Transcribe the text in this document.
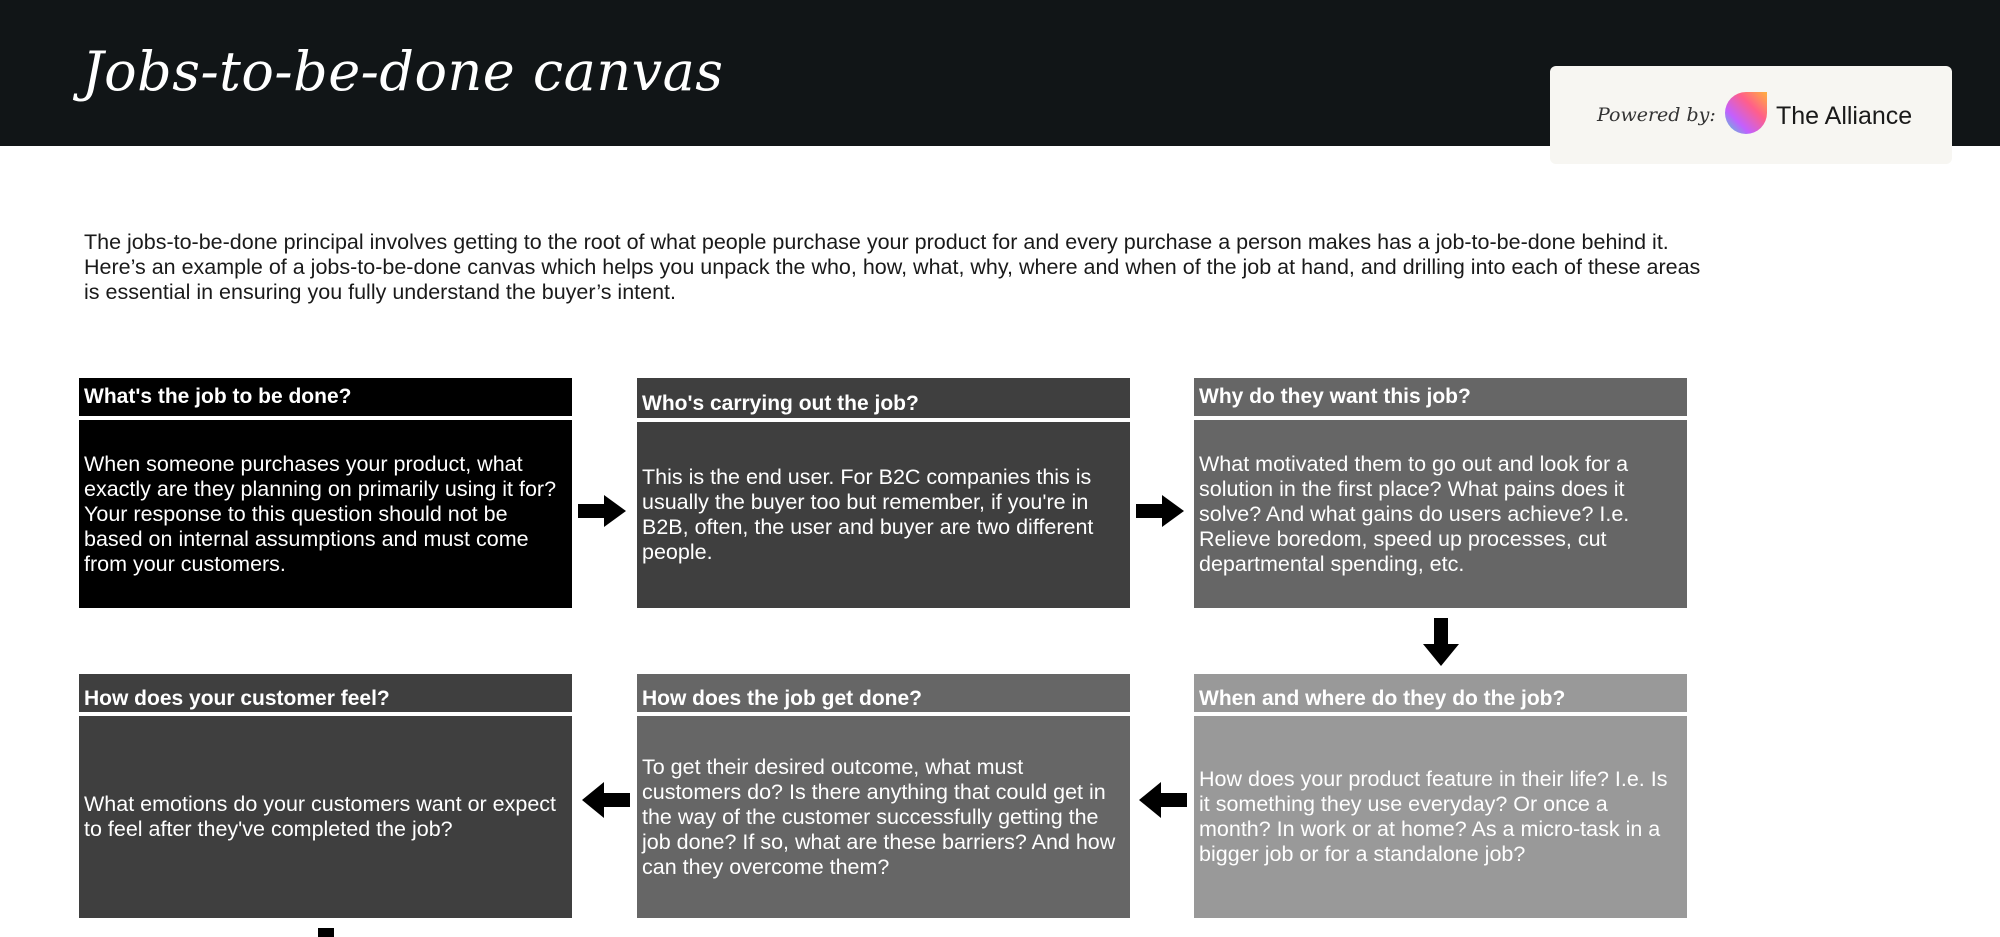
Jobs-to-be-done canvas
Powered by: The Alliance
The jobs-to-be-done principal involves getting to the root of what people purchase your product for and every purchase a person makes has a job-to-be-done behind it. Here’s an example of a jobs-to-be-done canvas which helps you unpack the who, how, what, why, where and when of the job at hand, and drilling into each of these areas is essential in ensuring you fully understand the buyer’s intent.
What's the job to be done?
When someone purchases your product, what exactly are they planning on primarily using it for? Your response to this question should not be based on internal assumptions and must come from your customers.
Who's carrying out the job?
This is the end user. For B2C companies this is usually the buyer too but remember, if you're in B2B, often, the user and buyer are two different people.
Why do they want this job?
What motivated them to go out and look for a solution in the first place? What pains does it solve? And what gains do users achieve? I.e. Relieve boredom, speed up processes, cut departmental spending, etc.
When and where do they do the job?
How does your product feature in their life? I.e. Is it something they use everyday? Or once a month? In work or at home? As a micro-task in a bigger job or for a standalone job?
How does the job get done?
To get their desired outcome, what must customers do? Is there anything that could get in the way of the customer successfully getting the job done? If so, what are these barriers? And how can they overcome them?
How does your customer feel?
What emotions do your customers want or expect to feel after they've completed the job?
